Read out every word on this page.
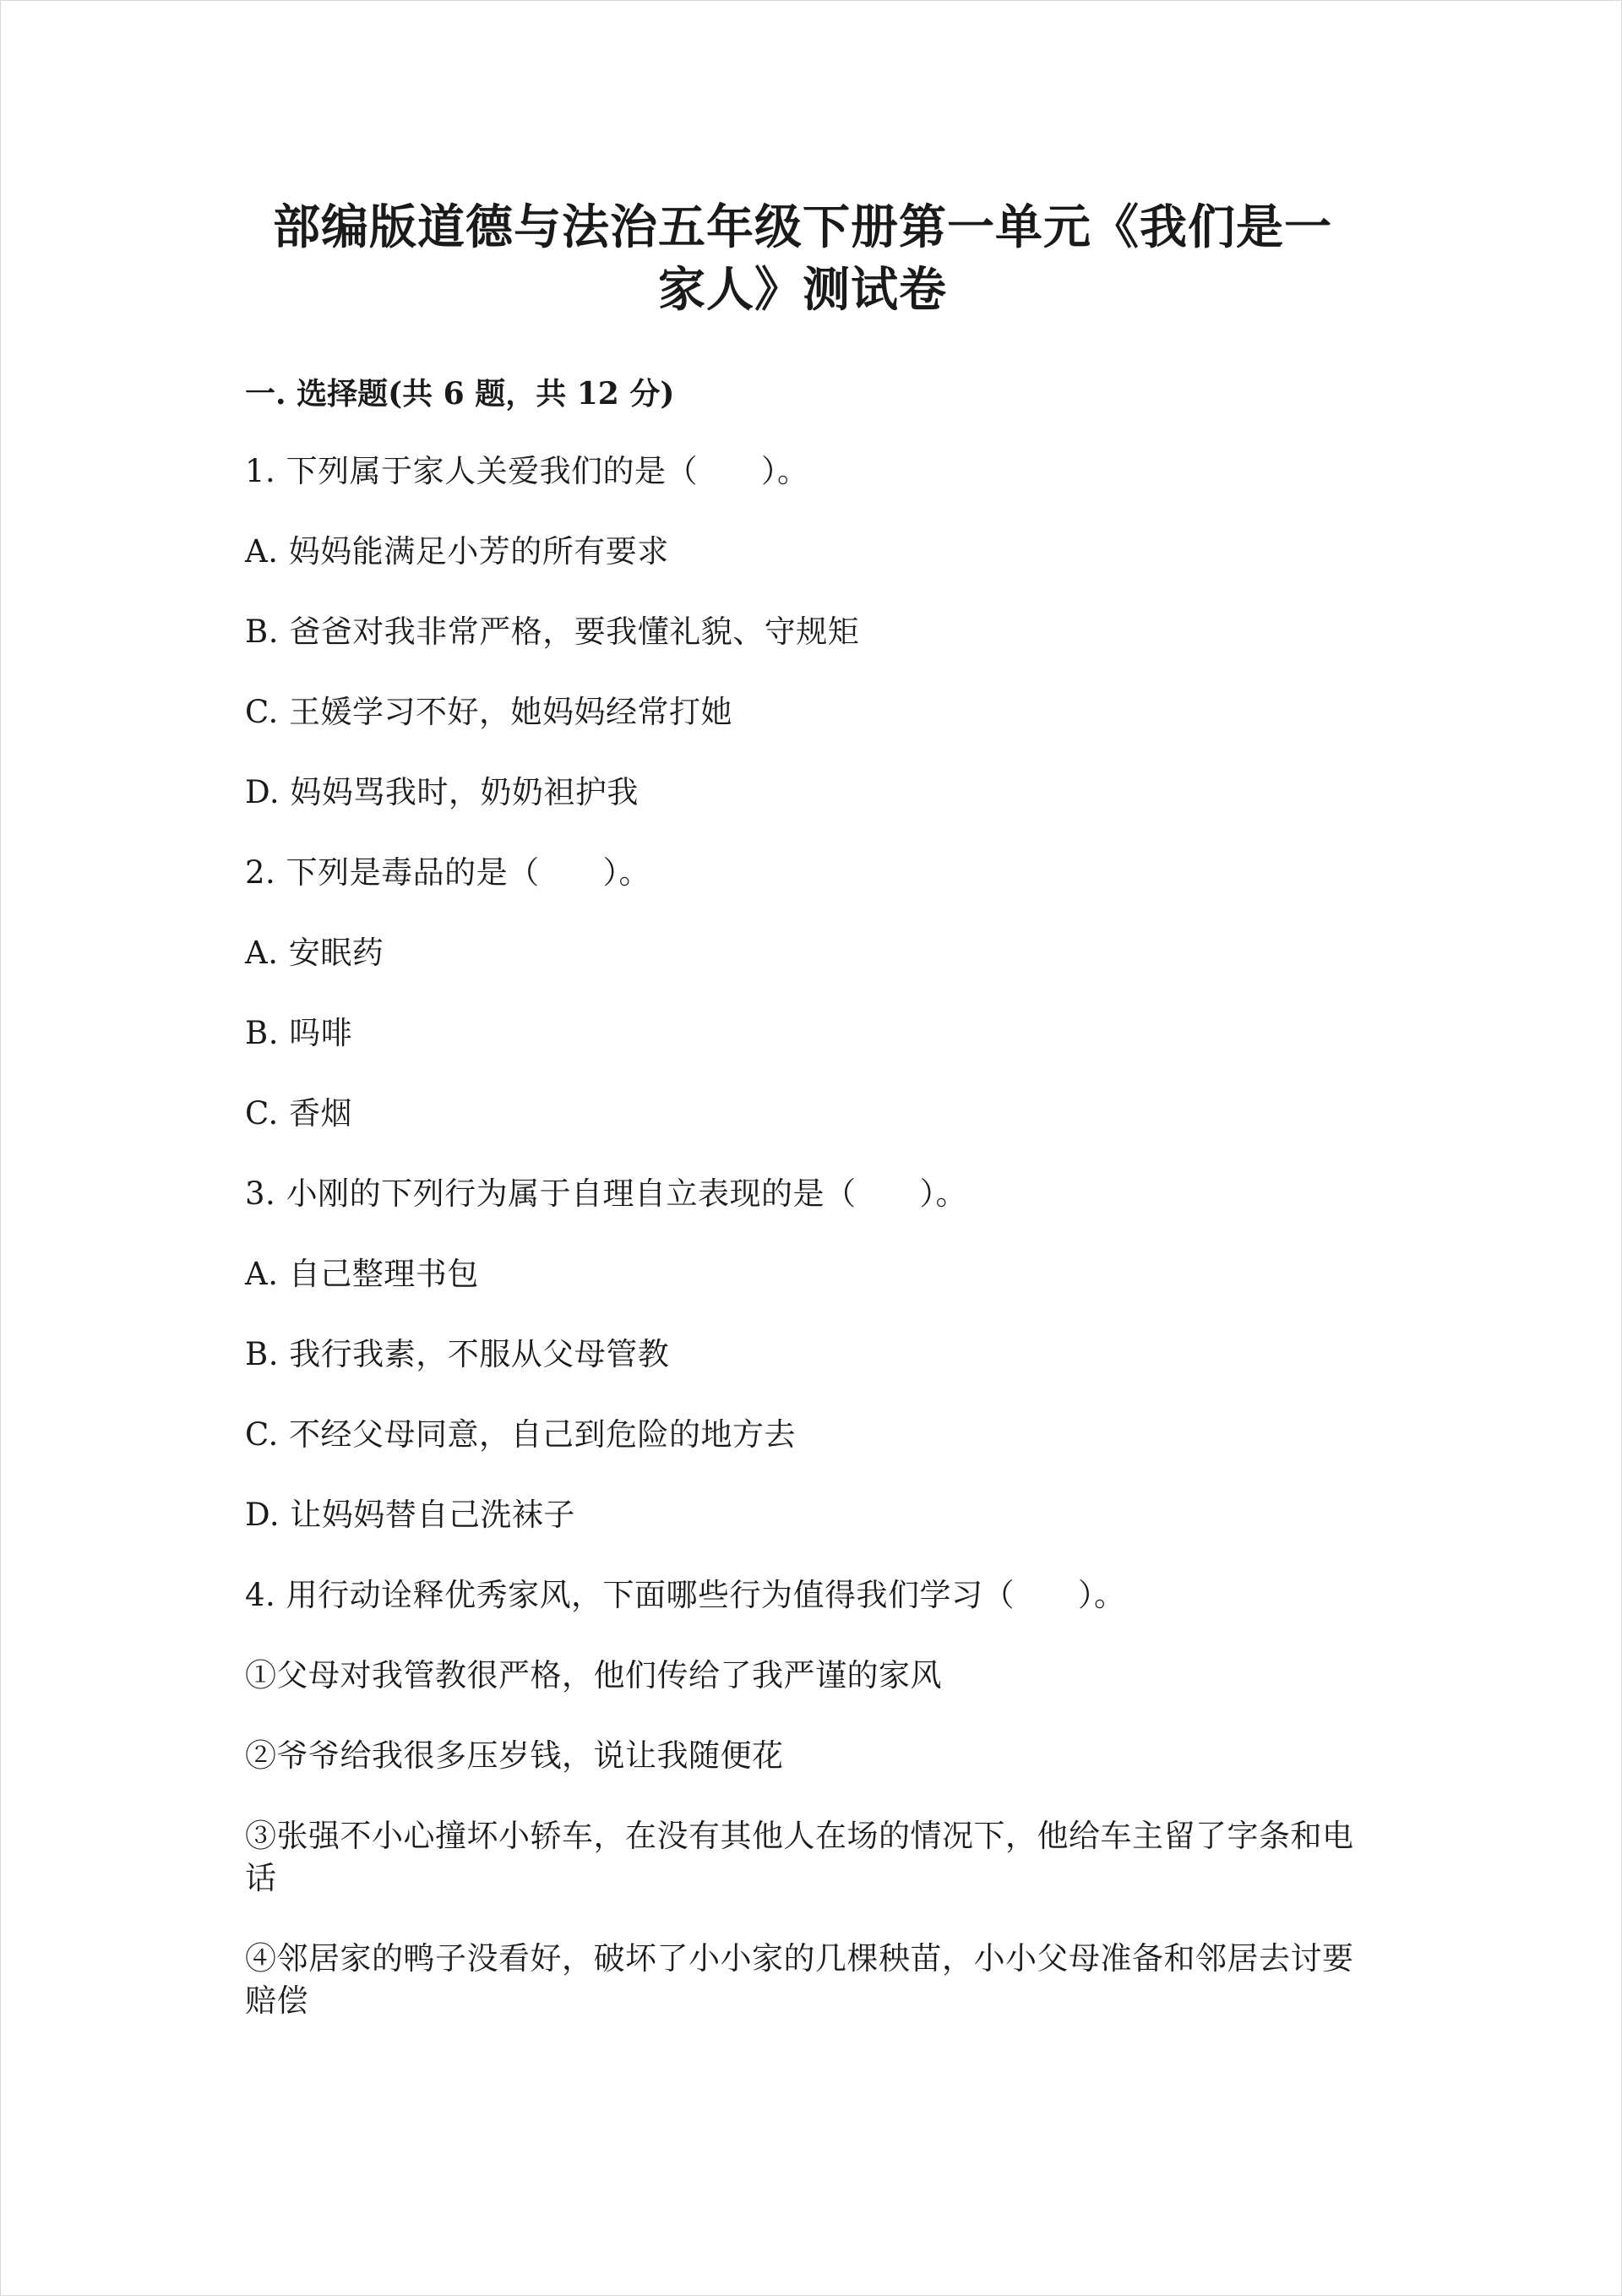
部编版道德与法治五年级下册第一单元《我们是一
家人》测试卷
一. 选择题(共 6 题，共 12 分)
1. 下列属于家人关爱我们的是（　　）。
A. 妈妈能满足小芳的所有要求
B. 爸爸对我非常严格，要我懂礼貌、守规矩
C. 王媛学习不好，她妈妈经常打她
D. 妈妈骂我时，奶奶袒护我
2. 下列是毒品的是（　　）。
A. 安眠药
B. 吗啡
C. 香烟
3. 小刚的下列行为属于自理自立表现的是（　　）。
A. 自己整理书包
B. 我行我素，不服从父母管教
C. 不经父母同意，自己到危险的地方去
D. 让妈妈替自己洗袜子
4. 用行动诠释优秀家风，下面哪些行为值得我们学习（　　）。
①父母对我管教很严格，他们传给了我严谨的家风
②爷爷给我很多压岁钱，说让我随便花
③张强不小心撞坏小轿车，在没有其他人在场的情况下，他给车主留了字条和电话
④邻居家的鸭子没看好，破坏了小小家的几棵秧苗，小小父母准备和邻居去讨要赔偿
